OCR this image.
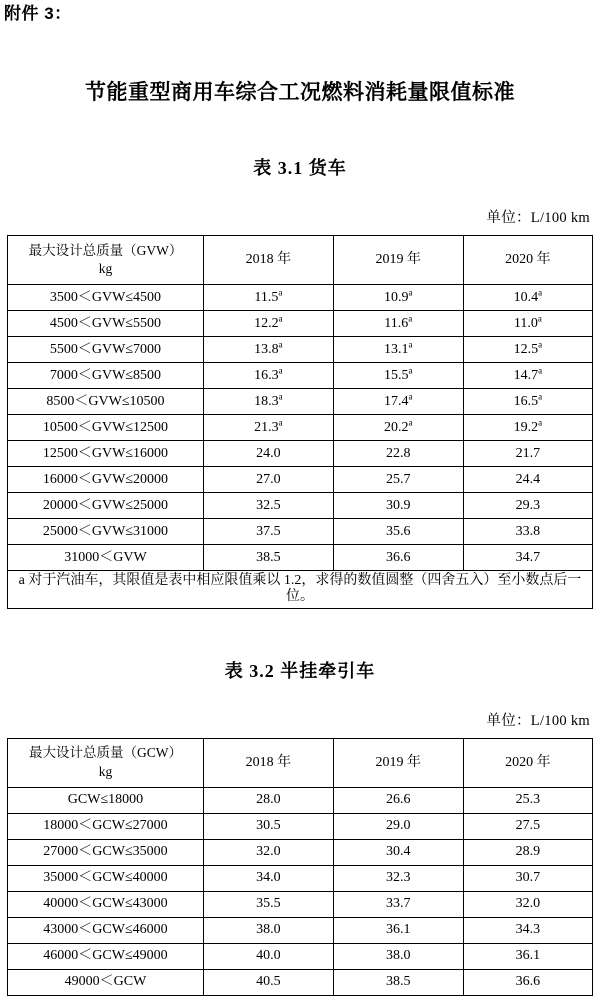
附件 3：
节能重型商用车综合工况燃料消耗量限值标准
表 3.1 货车
单位：L/100 km
最大设计总质量（GVW）
kg	2018 年	2019 年	2020 年
3500＜GVW≤4500	11.5$^a$	10.9$^a$	10.4$^a$
4500＜GVW≤5500	12.2$^a$	11.6$^a$	11.0$^a$
5500＜GVW≤7000	13.8$^a$	13.1$^a$	12.5$^a$
7000＜GVW≤8500	16.3$^a$	15.5$^a$	14.7$^a$
8500＜GVW≤10500	18.3$^a$	17.4$^a$	16.5$^a$
10500＜GVW≤12500	21.3$^a$	20.2$^a$	19.2$^a$
12500＜GVW≤16000	24.0	22.8	21.7
16000＜GVW≤20000	27.0	25.7	24.4
20000＜GVW≤25000	32.5	30.9	29.3
25000＜GVW≤31000	37.5	35.6	33.8
31000＜GVW	38.5	36.6	34.7
a 对于汽油车，其限值是表中相应限值乘以 1.2，求得的数值圆整（四舍五入）至小数点后一位。			
表 3.2 半挂牵引车
单位：L/100 km
最大设计总质量（GCW）
kg	2018 年	2019 年	2020 年
GCW≤18000	28.0	26.6	25.3
18000＜GCW≤27000	30.5	29.0	27.5
27000＜GCW≤35000	32.0	30.4	28.9
35000＜GCW≤40000	34.0	32.3	30.7
40000＜GCW≤43000	35.5	33.7	32.0
43000＜GCW≤46000	38.0	36.1	34.3
46000＜GCW≤49000	40.0	38.0	36.1
49000＜GCW	40.5	38.5	36.6
